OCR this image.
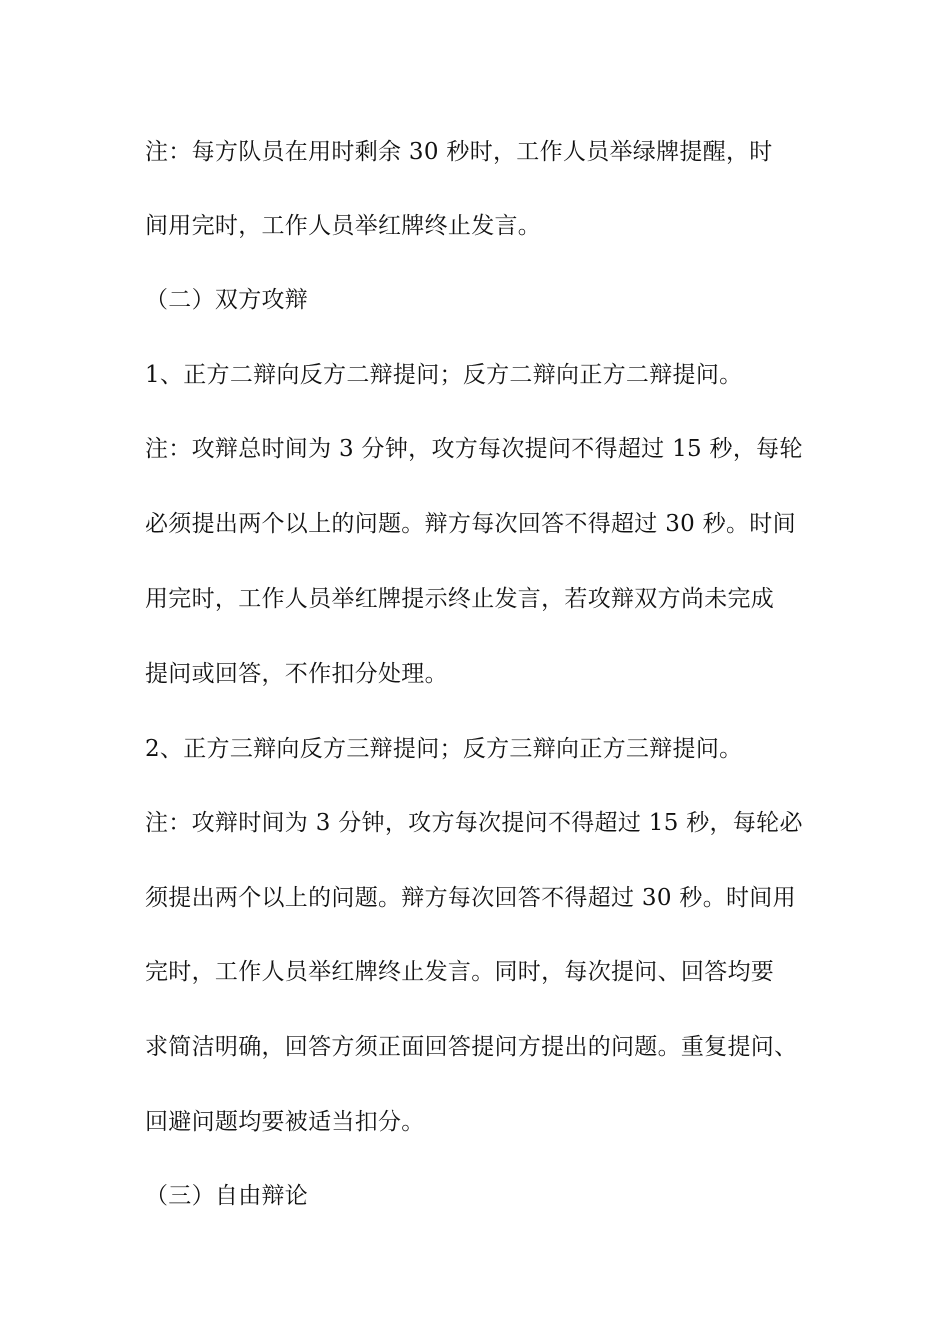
注：每方队员在用时剩余 30 秒时，工作人员举绿牌提醒，时
间用完时，工作人员举红牌终止发言。
（二）双方攻辩
1、正方二辩向反方二辩提问；反方二辩向正方二辩提问。
注：攻辩总时间为 3 分钟，攻方每次提问不得超过 15 秒，每轮
必须提出两个以上的问题。辩方每次回答不得超过 30 秒。时间
用完时，工作人员举红牌提示终止发言，若攻辩双方尚未完成
提问或回答，不作扣分处理。
2、正方三辩向反方三辩提问；反方三辩向正方三辩提问。
注：攻辩时间为 3 分钟，攻方每次提问不得超过 15 秒，每轮必
须提出两个以上的问题。辩方每次回答不得超过 30 秒。时间用
完时，工作人员举红牌终止发言。同时，每次提问、回答均要
求简洁明确，回答方须正面回答提问方提出的问题。重复提问、
回避问题均要被适当扣分。
（三）自由辩论
